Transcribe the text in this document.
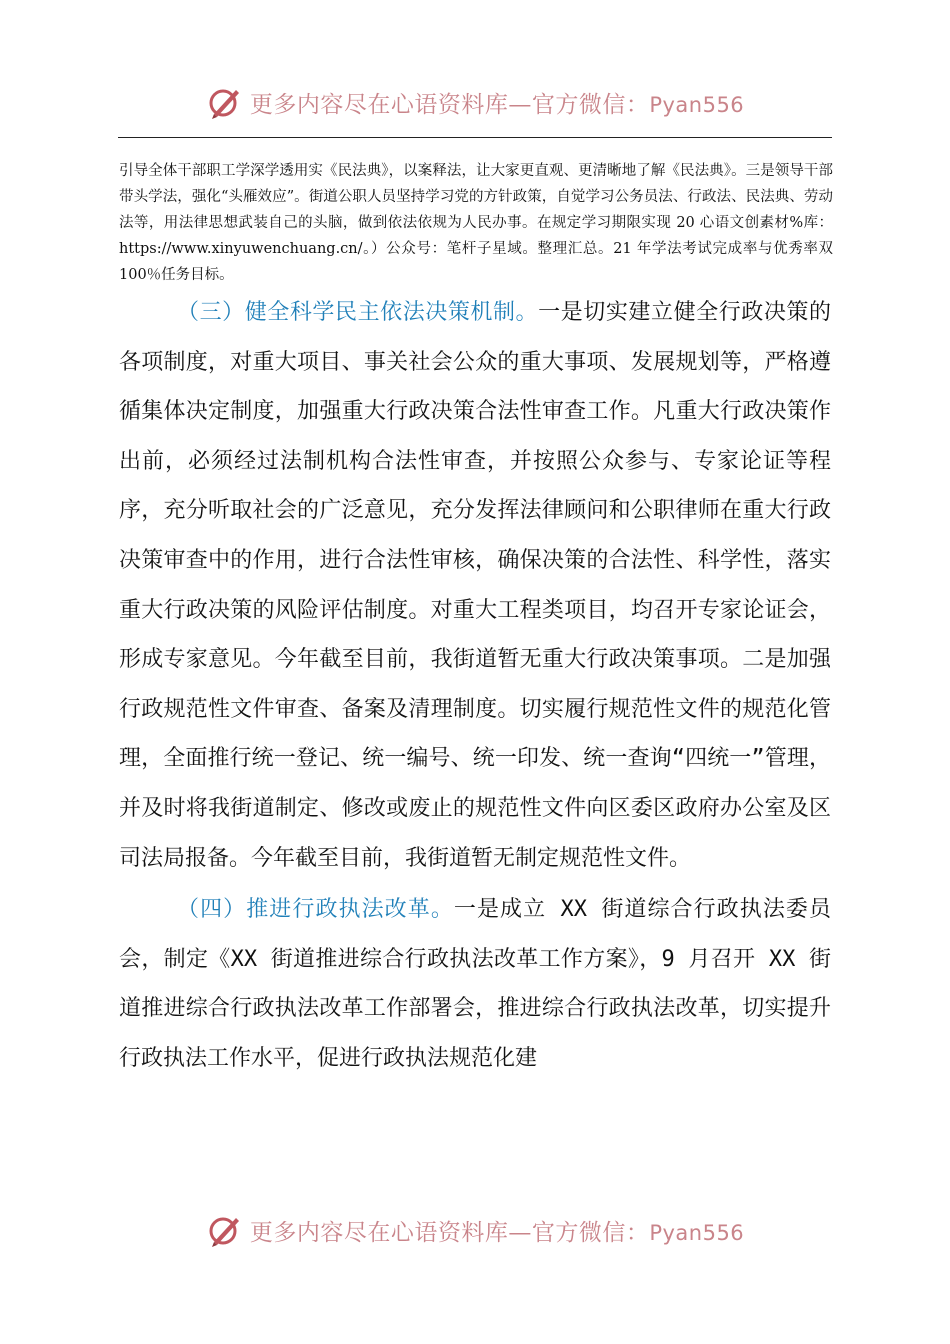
更多内容尽在心语资料库—官方微信：Pyan556

引导全体干部职工学深学透用实《民法典》，以案释法，让大家更直观、更清晰地了解《民法典》。三是领导干部带头学法，强化“头雁效应”。街道公职人员坚持学习党的方针政策，自觉学习公务员法、行政法、民法典、劳动法等，用法律思想武装自己的头脑，做到依法依规为人民办事。在规定学习期限实现 20 心语文创素材%库：https://www.xinyuwenchuang.cn/。）公众号：笔杆子星域。整理汇总。21 年学法考试完成率与优秀率双 100％任务目标。

（三）健全科学民主依法决策机制。一是切实建立健全行政决策的各项制度，对重大项目、事关社会公众的重大事项、发展规划等，严格遵循集体决定制度，加强重大行政决策合法性审查工作。凡重大行政决策作出前，必须经过法制机构合法性审查，并按照公众参与、专家论证等程序，充分听取社会的广泛意见，充分发挥法律顾问和公职律师在重大行政决策审查中的作用，进行合法性审核，确保决策的合法性、科学性，落实重大行政决策的风险评估制度。对重大工程类项目，均召开专家论证会，形成专家意见。今年截至目前，我街道暂无重大行政决策事项。二是加强行政规范性文件审查、备案及清理制度。切实履行规范性文件的规范化管理，全面推行统一登记、统一编号、统一印发、统一查询“四统一”管理，并及时将我街道制定、修改或废止的规范性文件向区委区政府办公室及区司法局报备。今年截至目前，我街道暂无制定规范性文件。

（四）推进行政执法改革。一是成立 XX 街道综合行政执法委员会，制定《XX 街道推进综合行政执法改革工作方案》，9 月召开 XX 街道推进综合行政执法改革工作部署会，推进综合行政执法改革，切实提升行政执法工作水平，促进行政执法规范化建

更多内容尽在心语资料库—官方微信：Pyan556
